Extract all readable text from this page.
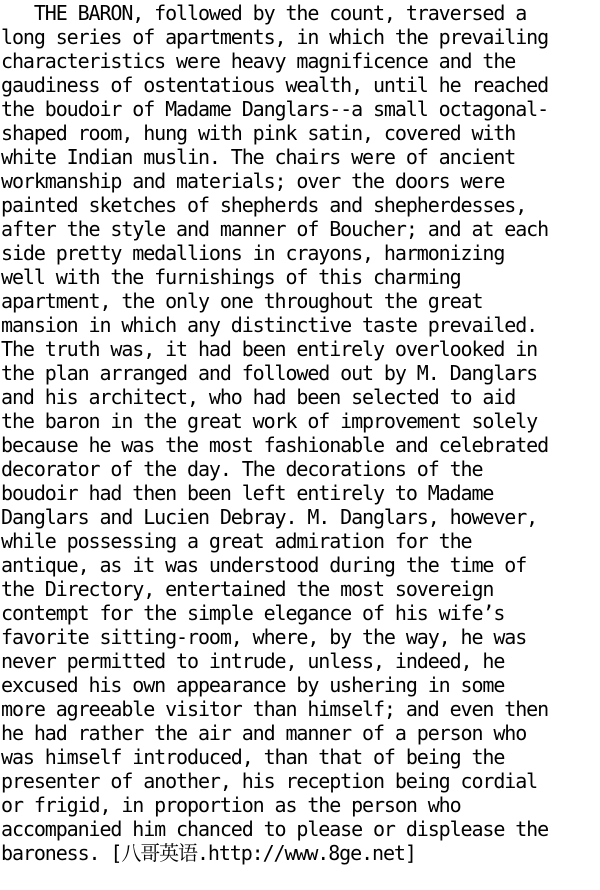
THE BARON, followed by the count, traversed a
long series of apartments, in which the prevailing
characteristics were heavy magnificence and the
gaudiness of ostentatious wealth, until he reached
the boudoir of Madame Danglars--a small octagonal-
shaped room, hung with pink satin, covered with
white Indian muslin. The chairs were of ancient
workmanship and materials; over the doors were
painted sketches of shepherds and shepherdesses,
after the style and manner of Boucher; and at each
side pretty medallions in crayons, harmonizing
well with the furnishings of this charming
apartment, the only one throughout the great
mansion in which any distinctive taste prevailed.
The truth was, it had been entirely overlooked in
the plan arranged and followed out by M. Danglars
and his architect, who had been selected to aid
the baron in the great work of improvement solely
because he was the most fashionable and celebrated
decorator of the day. The decorations of the
boudoir had then been left entirely to Madame
Danglars and Lucien Debray. M. Danglars, however,
while possessing a great admiration for the
antique, as it was understood during the time of
the Directory, entertained the most sovereign
contempt for the simple elegance of his wife’s
favorite sitting-room, where, by the way, he was
never permitted to intrude, unless, indeed, he
excused his own appearance by ushering in some
more agreeable visitor than himself; and even then
he had rather the air and manner of a person who
was himself introduced, than that of being the
presenter of another, his reception being cordial
or frigid, in proportion as the person who
accompanied him chanced to please or displease the
baroness. [八哥英语.http://www.8ge.net]
